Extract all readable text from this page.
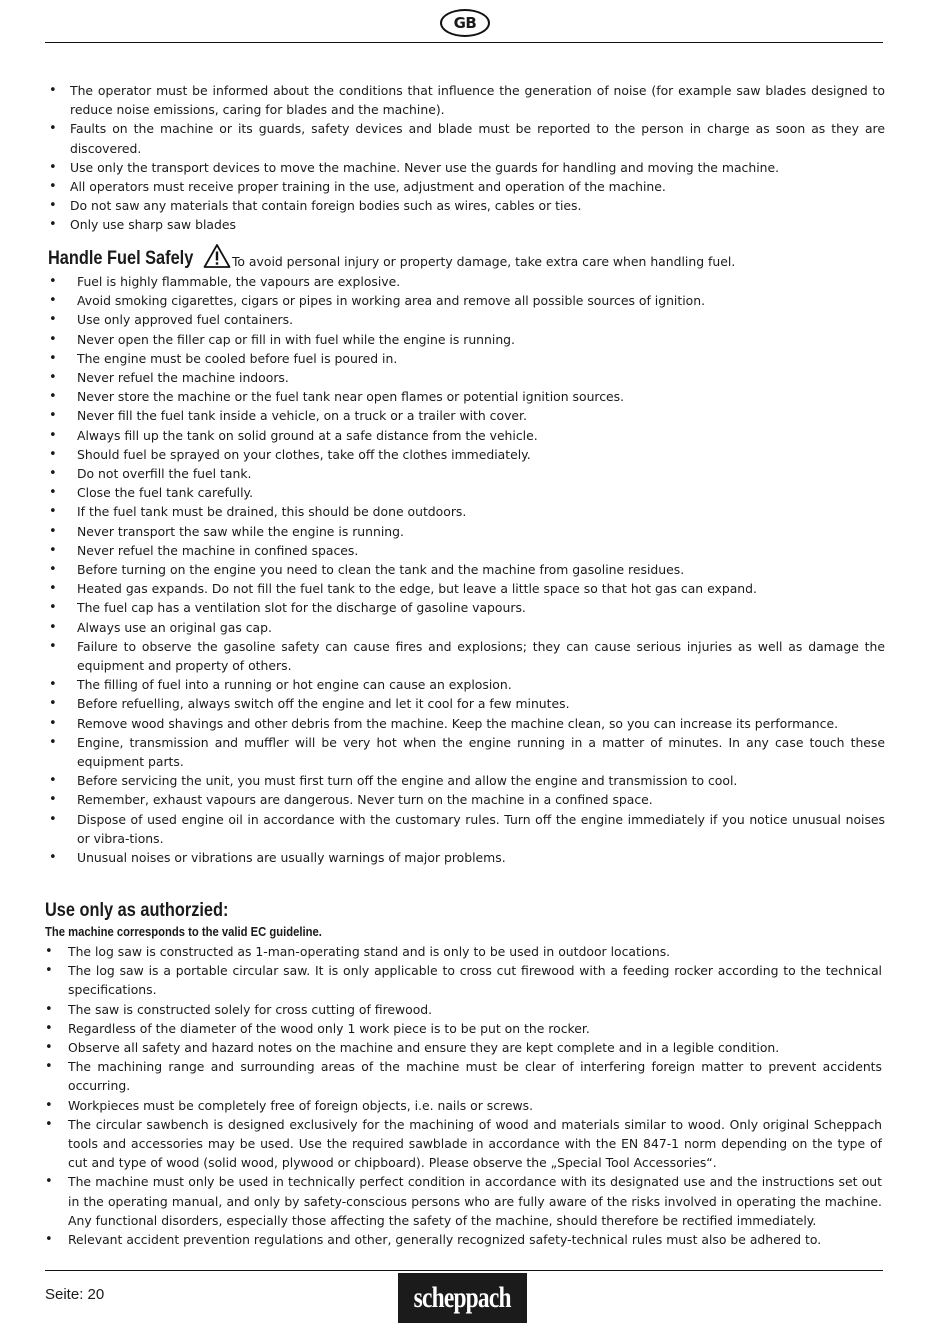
GB
• The operator must be informed about the conditions that influence the generation of noise (for example saw blades designed to reduce noise emissions, caring for blades and the machine).
• Faults on the machine or its guards, safety devices and blade must be reported to the person in charge as soon as they are discovered.
• Use only the transport devices to move the machine. Never use the guards for handling and moving the machine.
• All operators must receive proper training in the use, adjustment and operation of the machine.
• Do not saw any materials that contain foreign bodies such as wires, cables or ties.
• Only use sharp saw blades
Handle Fuel Safely	To avoid personal injury or property damage, take extra care when handling fuel.
• Fuel is highly flammable, the vapours are explosive.
• Avoid smoking cigarettes, cigars or pipes in working area and remove all possible sources of ignition.
• Use only approved fuel containers.
• Never open the filler cap or fill in with fuel while the engine is running.
• The engine must be cooled before fuel is poured in.
• Never refuel the machine indoors.
• Never store the machine or the fuel tank near open flames or potential ignition sources.
• Never fill the fuel tank inside a vehicle, on a truck or a trailer with cover.
• Always fill up the tank on solid ground at a safe distance from the vehicle.
• Should fuel be sprayed on your clothes, take off the clothes immediately.
• Do not overfill the fuel tank.
• Close the fuel tank carefully.
• If the fuel tank must be drained, this should be done outdoors.
• Never transport the saw while the engine is running.
• Never refuel the machine in confined spaces.
• Before turning on the engine you need to clean the tank and the machine from gasoline residues.
• Heated gas expands. Do not fill the fuel tank to the edge, but leave a little space so that hot gas can expand.
• The fuel cap has a ventilation slot for the discharge of gasoline vapours.
• Always use an original gas cap.
• Failure to observe the gasoline safety can cause fires and explosions; they can cause serious injuries as well as damage the equipment and property of others.
• The filling of fuel into a running or hot engine can cause an explosion.
• Before refuelling, always switch off the engine and let it cool for a few minutes.
• Remove wood shavings and other debris from the machine. Keep the machine clean, so you can increase its performance.
• Engine, transmission and muffler will be very hot when the engine running in a matter of minutes. In any case touch these equipment parts.
• Before servicing the unit, you must first turn off the engine and allow the engine and transmission to cool.
• Remember, exhaust vapours are dangerous. Never turn on the machine in a confined space.
• Dispose of used engine oil in accordance with the customary rules. Turn off the engine immediately if you notice unusual noises or vibra-tions.
• Unusual noises or vibrations are usually warnings of major problems.
Use only as authorzied:
The machine corresponds to the valid EC guideline.
• The log saw is constructed as 1-man-operating stand and is only to be used in outdoor locations.
• The log saw is a portable circular saw. It is only applicable to cross cut firewood with a feeding rocker according to the technical specifications.
• The saw is constructed solely for cross cutting of firewood.
• Regardless of the diameter of the wood only 1 work piece is to be put on the rocker.
• Observe all safety and hazard notes on the machine and ensure they are kept complete and in a legible condition.
• The machining range and surrounding areas of the machine must be clear of interfering foreign matter to prevent accidents occurring.
• Workpieces must be completely free of foreign objects, i.e. nails or screws.
• The circular sawbench is designed exclusively for the machining of wood and materials similar to wood. Only original Scheppach tools and accessories may be used. Use the required sawblade in accordance with the EN 847-1 norm depending on the type of cut and type of wood (solid wood, plywood or chipboard). Please observe the „Special Tool Accessories“.
• The machine must only be used in technically perfect condition in accordance with its designated use and the instructions set out in the operating manual, and only by safety-conscious persons who are fully aware of the risks involved in operating the machine. Any functional disorders, especially those affecting the safety of the machine, should therefore be rectified immediately.
• Relevant accident prevention regulations and other, generally recognized safety-technical rules must also be adhered to.
Seite: 20	scheppach
